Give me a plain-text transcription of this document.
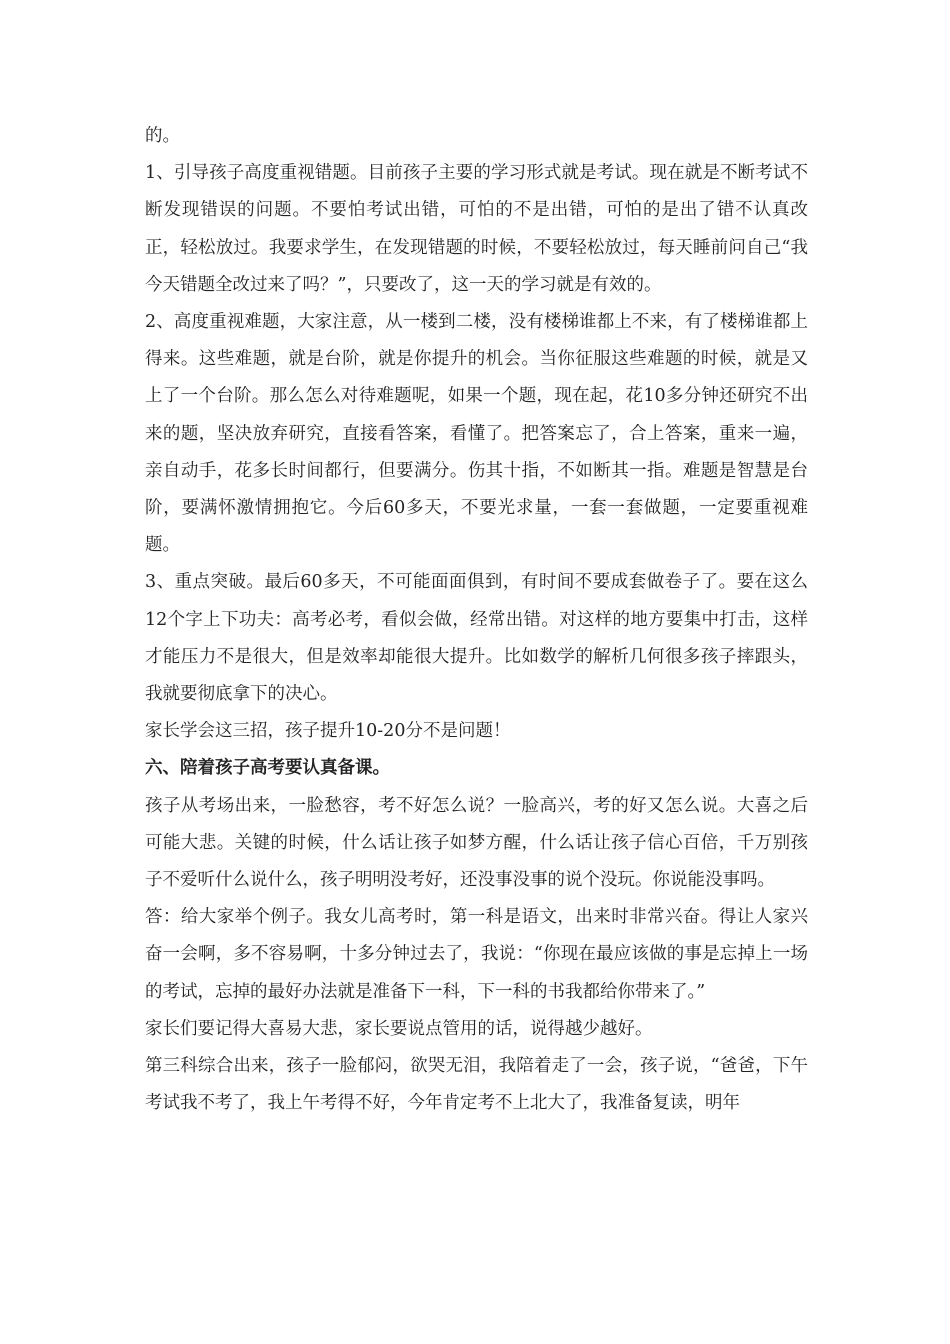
的。

1、引导孩子高度重视错题。目前孩子主要的学习形式就是考试。现在就是不断考试不断发现错误的问题。不要怕考试出错，可怕的不是出错，可怕的是出了错不认真改正，轻松放过。我要求学生，在发现错题的时候，不要轻松放过，每天睡前问自己“我今天错题全改过来了吗？”，只要改了，这一天的学习就是有效的。

2、高度重视难题，大家注意，从一楼到二楼，没有楼梯谁都上不来，有了楼梯谁都上得来。这些难题，就是台阶，就是你提升的机会。当你征服这些难题的时候，就是又上了一个台阶。那么怎么对待难题呢，如果一个题，现在起，花10多分钟还研究不出来的题，坚决放弃研究，直接看答案，看懂了。把答案忘了，合上答案，重来一遍，亲自动手，花多长时间都行，但要满分。伤其十指，不如断其一指。难题是智慧是台阶，要满怀激情拥抱它。今后60多天，不要光求量，一套一套做题，一定要重视难题。

3、重点突破。最后60多天，不可能面面俱到，有时间不要成套做卷子了。要在这么12个字上下功夫：高考必考，看似会做，经常出错。对这样的地方要集中打击，这样才能压力不是很大，但是效率却能很大提升。比如数学的解析几何很多孩子摔跟头，我就要彻底拿下的决心。

家长学会这三招，孩子提升10-20分不是问题！

六、陪着孩子高考要认真备课。

孩子从考场出来，一脸愁容，考不好怎么说？一脸高兴，考的好又怎么说。大喜之后可能大悲。关键的时候，什么话让孩子如梦方醒，什么话让孩子信心百倍，千万别孩子不爱听什么说什么，孩子明明没考好，还没事没事的说个没玩。你说能没事吗。

答：给大家举个例子。我女儿高考时，第一科是语文，出来时非常兴奋。得让人家兴奋一会啊，多不容易啊，十多分钟过去了，我说：“你现在最应该做的事是忘掉上一场的考试，忘掉的最好办法就是准备下一科，下一科的书我都给你带来了。”

家长们要记得大喜易大悲，家长要说点管用的话，说得越少越好。

第三科综合出来，孩子一脸郁闷，欲哭无泪，我陪着走了一会，孩子说，“爸爸，下午考试我不考了，我上午考得不好，今年肯定考不上北大了，我准备复读，明年
